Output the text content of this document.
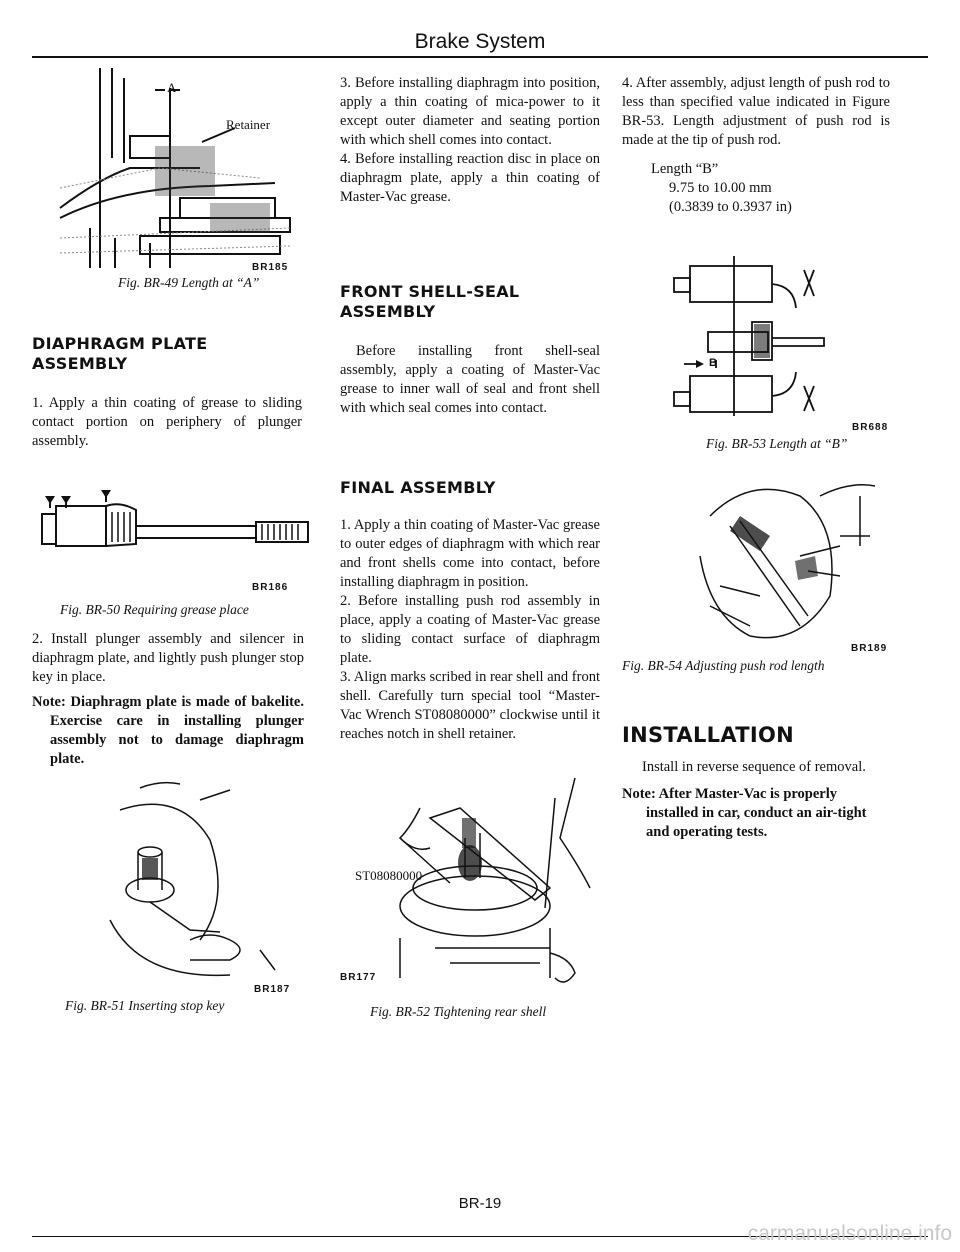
Brake System
A
Retainer
BR185
Fig. BR-49 Length at “A”
DIAPHRAGM PLATE ASSEMBLY

1. Apply a thin coating of grease to sliding contact portion on periphery of plunger assembly.

BR186
Fig. BR-50 Requiring grease place

2. Install plunger assembly and silencer in diaphragm plate, and lightly push plunger stop key in place.

Note: Diaphragm plate is made of bakelite. Exercise care in installing plunger assembly not to damage diaphragm plate.

BR187
Fig. BR-51 Inserting stop key

3. Before installing diaphragm into position, apply a thin coating of mica-power to it except outer diameter and seating portion with which shell comes into contact.

4. Before installing reaction disc in place on diaphragm plate, apply a thin coating of Master-Vac grease.

FRONT SHELL-SEAL ASSEMBLY

Before installing front shell-seal assembly, apply a coating of Master-Vac grease to inner wall of seal and front shell with which seal comes into contact.

FINAL ASSEMBLY

1. Apply a thin coating of Master-Vac grease to outer edges of diaphragm with which rear and front shells come into contact, before installing diaphragm in position.

2. Before installing push rod assembly in place, apply a coating of Master-Vac grease to sliding contact surface of diaphragm plate.

3. Align marks scribed in rear shell and front shell. Carefully turn special tool “Master-Vac Wrench ST08080000” clockwise until it reaches notch in shell retainer.

ST08080000
BR177
Fig. BR-52 Tightening rear shell

4. After assembly, adjust length of push rod to less than specified value indicated in Figure BR-53. Length adjustment of push rod is made at the tip of push rod.

Length “B”

9.75 to 10.00 mm

(0.3839 to 0.3937 in)

B
BR688
Fig. BR-53 Length at “B”
BR189
Fig. BR-54 Adjusting push rod length
INSTALLATION

Install in reverse sequence of removal.

Note: After Master-Vac is properly installed in car, conduct an air-tight and operating tests.

BR-19
carmanualsonline.info
